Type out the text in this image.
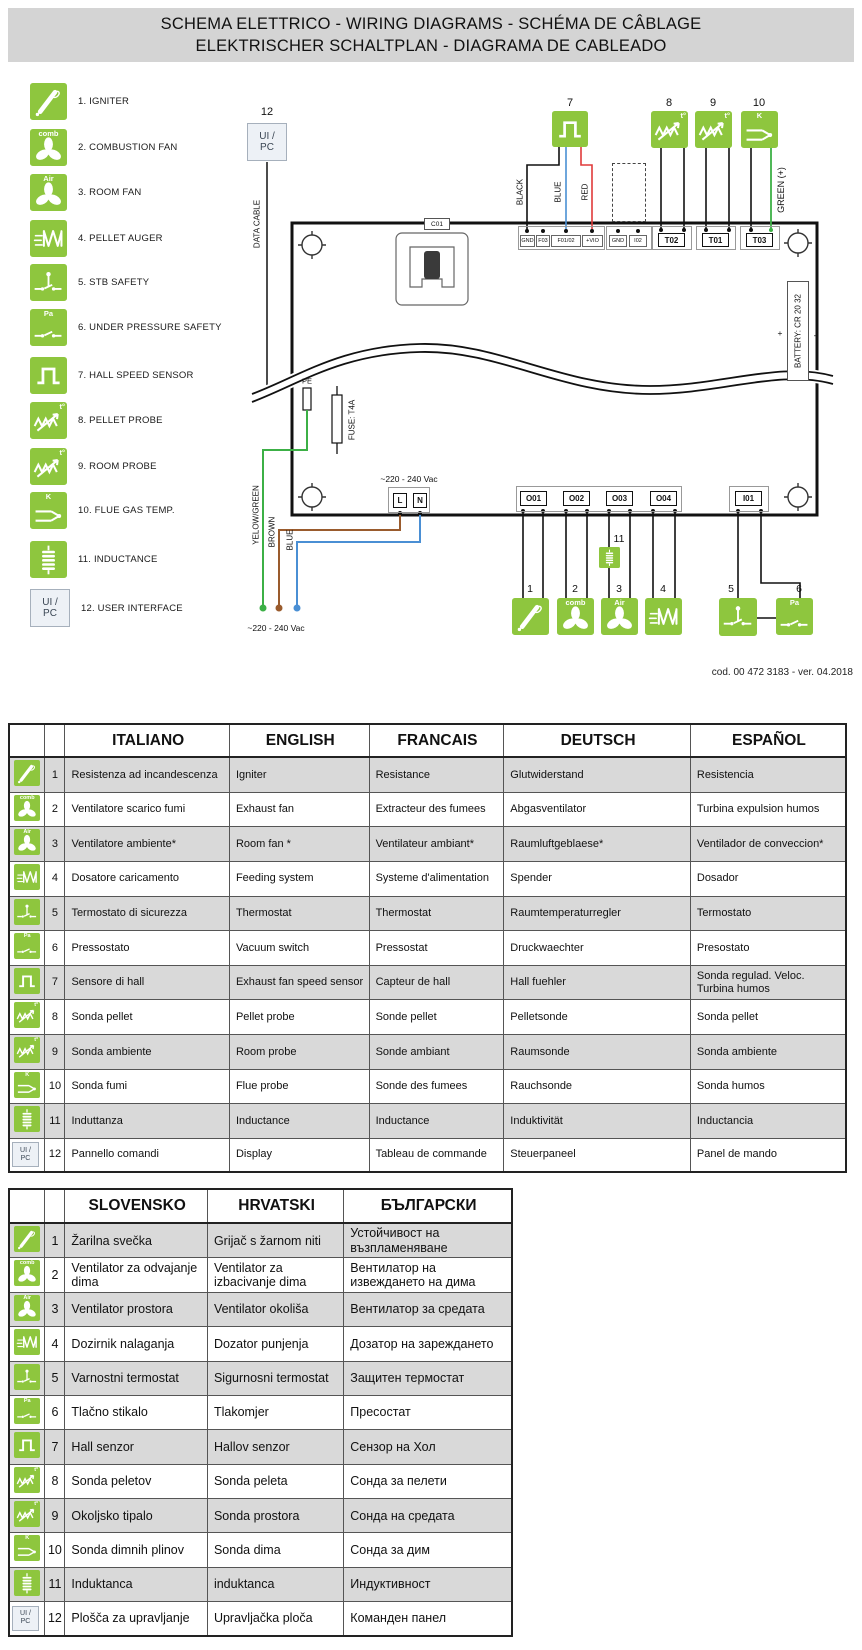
SCHEMA ELETTRICO - WIRING DIAGRAMS - SCHÉMA DE CÂBLAGE
ELEKTRISCHER SCHALTPLAN - DIAGRAMA DE CABLEADO
1. IGNITER
comb
2. COMBUSTION FAN
Air
3. ROOM FAN
4. PELLET AUGER
5. STB SAFETY
Pa
6. UNDER PRESSURE SAFETY
7. HALL SPEED SENSOR
t°
8. PELLET PROBE
t°
9. ROOM PROBE
K
10. FLUE GAS TEMP.
11. INDUCTANCE
UI /
PC	12. USER INTERFACE
12
UI /
PC
DATA CABLE
7	8	9	10
BLACK	BLUE RED	GREEN (+)
C01
GND F03	F01/02	+VIO	GND	I02	T02	T01	T03
BATTERY: CR 20 32
+	-
PE
FUSE: T4A
~220 - 240 Vac
L	N
YELOW/GREEN BROWN BLUE
~220 - 240 Vac
O01	O02	O03	O04	I01
11
1	2	3	4	5	6
t°	t°	K
comb	Air	Pa
cod. 00 472 3183 - ver. 04.2018
		ITALIANO	ENGLISH	FRANCAIS	DEUTSCH	ESPAÑOL

	1	Resistenza ad incandescenza	Igniter	Resistance	Glutwiderstand	Resistencia

comb	2	Ventilatore scarico fumi	Exhaust fan	Extracteur des fumees	Abgasventilator	Turbina expulsion humos

Air	3	Ventilatore ambiente*	Room fan *	Ventilateur ambiant*	Raumluftgeblaese*	Ventilador de conveccion*

	4	Dosatore caricamento	Feeding system	Systeme d'alimentation	Spender	Dosador

	5	Termostato di sicurezza	Thermostat	Thermostat	Raumtemperaturregler	Termostato

Pa	6	Pressostato	Vacuum switch	Pressostat	Druckwaechter	Presostato

	7	Sensore di hall	Exhaust fan speed sensor	Capteur de hall	Hall fuehler	Sonda regulad. Veloc. Turbina humos

t°	8	Sonda pellet	Pellet probe	Sonde pellet	Pelletsonde	Sonda pellet

t°	9	Sonda ambiente	Room probe	Sonde ambiant	Raumsonde	Sonda ambiente

K	10	Sonda fumi	Flue probe	Sonde des fumees	Rauchsonde	Sonda humos

	11	Induttanza	Inductance	Inductance	Induktivität	Inductancia

UI /
PC	12	Pannello comandi	Display	Tableau de commande	Steuerpaneel	Panel de mando
		SLOVENSKO	HRVATSKI	БЪЛГАРСКИ

	1	Žarilna svečka	Grijač s žarnom niti	Устойчивост на възпламеняване

comb	2	Ventilator za odvajanje dima	Ventilator za izbacivanje dima	Вентилатор на извеждането на дима

Air	3	Ventilator prostora	Ventilator okoliša	Вентилатор за средата

	4	Dozirnik nalaganja	Dozator punjenja	Дозатор на зареждането

	5	Varnostni termostat	Sigurnosni termostat	Защитен термостат

Pa	6	Tlačno stikalo	Tlakomjer	Пресостат

	7	Hall senzor	Hallov senzor	Сензор на Хол

t°	8	Sonda peletov	Sonda peleta	Сонда за пелети

t°	9	Okoljsko tipalo	Sonda prostora	Сонда на средата

K	10	Sonda dimnih plinov	Sonda dima	Сонда за дим

	11	Induktanca	induktanca	Индуктивност

UI /
PC	12	Plošča za upravljanje	Upravljačka ploča	Команден панел
